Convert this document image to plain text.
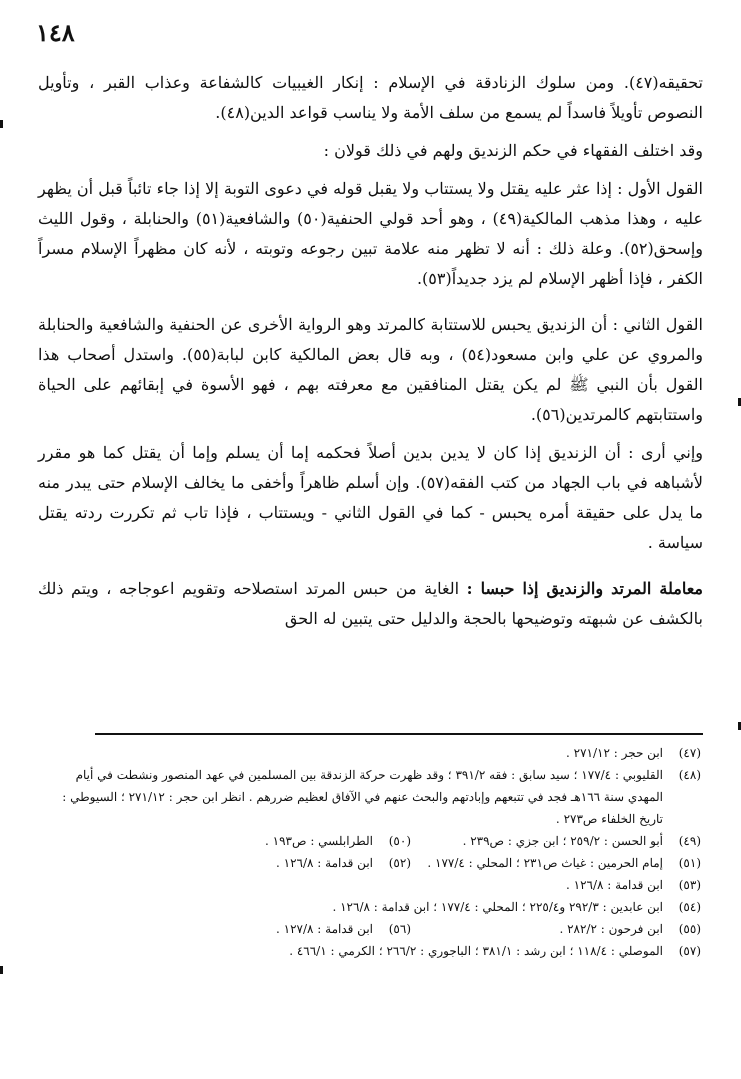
١٤٨

تحقيقه(٤٧). ومن سلوك الزنادقة في الإسلام : إنكار الغيبيات كالشفاعة وعذاب القبر ، وتأويل النصوص تأويلاً فاسداً لم يسمع من سلف الأمة ولا يناسب قواعد الدين(٤٨).

وقد اختلف الفقهاء في حكم الزنديق ولهم في ذلك قولان :

القول الأول : إذا عثر عليه يقتل ولا يستتاب ولا يقبل قوله في دعوى التوبة إلا إذا جاء تائباً قبل أن يظهر عليه ، وهذا مذهب المالكية(٤٩) ، وهو أحد قولي الحنفية(٥٠) والشافعية(٥١) والحنابلة ، وقول الليث وإسحق(٥٢). وعلة ذلك : أنه لا تظهر منه علامة تبين رجوعه وتوبته ، لأنه كان مظهراً الإسلام مسراً الكفر ، فإذا أظهر الإسلام لم يزد جديداً(٥٣).

القول الثاني : أن الزنديق يحبس للاستتابة كالمرتد وهو الرواية الأخرى عن الحنفية والشافعية والحنابلة والمروي عن علي وابن مسعود(٥٤) ، وبه قال بعض المالكية كابن لبابة(٥٥). واستدل أصحاب هذا القول بأن النبي ﷺ لم يكن يقتل المنافقين مع معرفته بهم ، فهو الأسوة في إبقائهم على الحياة واستتابتهم كالمرتدين(٥٦).

وإني أرى : أن الزنديق إذا كان لا يدين بدين أصلاً فحكمه إما أن يسلم وإما أن يقتل كما هو مقرر لأشباهه في باب الجهاد من كتب الفقه(٥٧). وإن أسلم ظاهراً وأخفى ما يخالف الإسلام حتى يبدر منه ما يدل على حقيقة أمره يحبس - كما في القول الثاني - ويستتاب ، فإذا تاب ثم تكررت ردته يقتل سياسة .

معاملة المرتد والزنديق إذا حبسا : الغاية من حبس المرتد استصلاحه وتقويم اعوجاجه ، ويتم ذلك بالكشف عن شبهته وتوضيحها بالحجة والدليل حتى يتبين له الحق

(٤٧)
ابن حجر : ٢٧١/١٢ .
(٤٨)
القليوبي : ١٧٧/٤ ؛ سيد سابق : فقه ٣٩١/٢ ؛ وقد ظهرت حركة الزندقة بين المسلمين في عهد المنصور ونشطت في أيام المهدي سنة ١٦٦هـ فجد في تتبعهم وإبادتهم والبحث عنهم في الآفاق لعظيم ضررهم . انظر ابن حجر : ٢٧١/١٢ ؛ السيوطي : تاريخ الخلفاء ص٢٧٣ .
(٤٩)
أبو الحسن : ٢٥٩/٢ ؛ ابن جزي : ص٢٣٩ .
(٥٠)
الطرابلسي : ص١٩٣ .
(٥١)
إمام الحرمين : غياث ص٢٣١ ؛ المحلي : ١٧٧/٤ .
(٥٢)
ابن قدامة : ١٢٦/٨ .
(٥٣)
ابن قدامة : ١٢٦/٨ .
(٥٤)
ابن عابدين : ٢٩٢/٣ و٢٢٥/٤ ؛ المحلي : ١٧٧/٤ ؛ ابن قدامة : ١٢٦/٨ .
(٥٥)
ابن فرحون : ٢٨٢/٢ .
(٥٦)
ابن قدامة : ١٢٧/٨ .
(٥٧)
الموصلي : ١١٨/٤ ؛ ابن رشد : ٣٨١/١ ؛ الباجوري : ٢٦٦/٢ ؛ الكرمي : ٤٦٦/١ .
